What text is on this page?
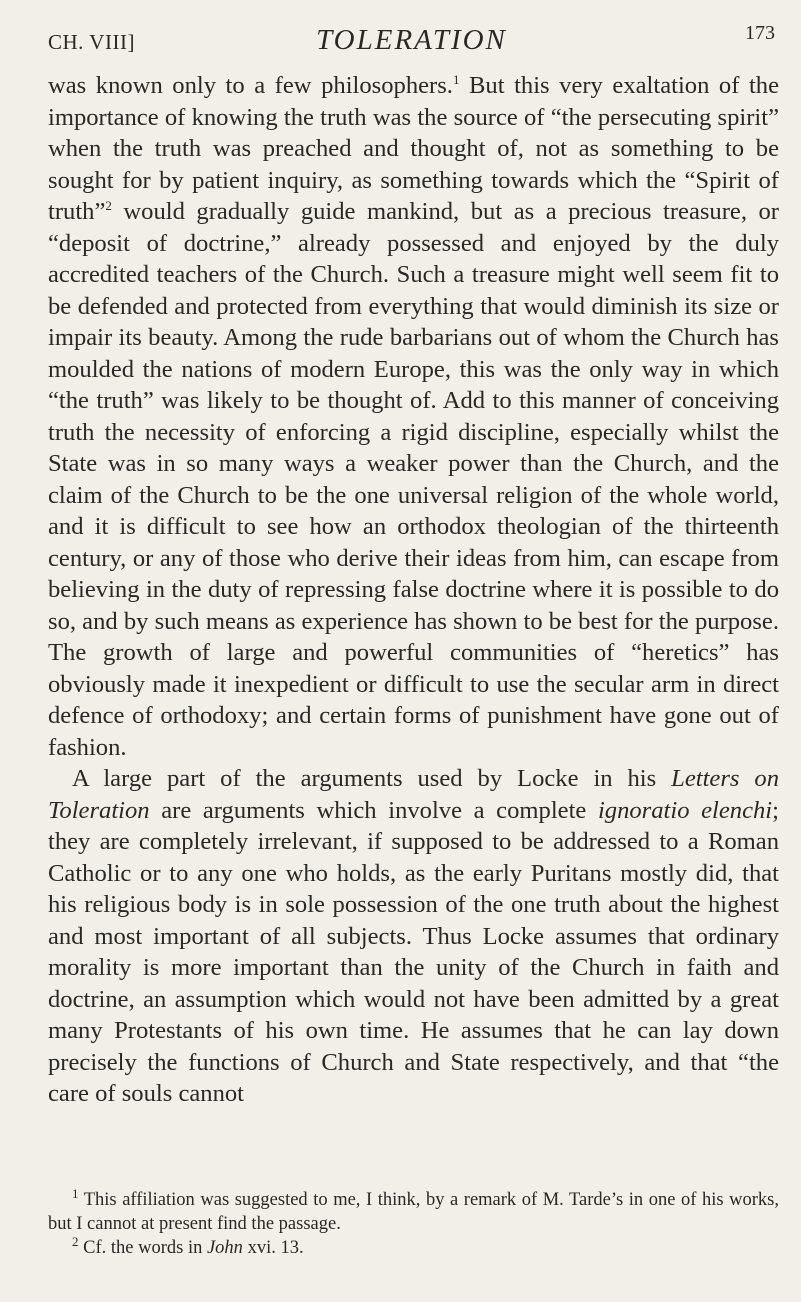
CH. VIII]	TOLERATION	173

was known only to a few philosophers.$^1$ But this very exaltation of the importance of knowing the truth was the source of “the persecuting spirit” when the truth was preached and thought of, not as something to be sought for by patient inquiry, as something towards which the “Spirit of truth”$^2$ would gradually guide mankind, but as a precious treasure, or “deposit of doctrine,” already possessed and enjoyed by the duly accredited teachers of the Church. Such a treasure might well seem fit to be defended and protected from everything that would diminish its size or impair its beauty. Among the rude barbarians out of whom the Church has moulded the nations of modern Europe, this was the only way in which “the truth” was likely to be thought of. Add to this manner of conceiving truth the necessity of enforcing a rigid discipline, especially whilst the State was in so many ways a weaker power than the Church, and the claim of the Church to be the one universal religion of the whole world, and it is difficult to see how an orthodox theologian of the thirteenth century, or any of those who derive their ideas from him, can escape from believing in the duty of repressing false doctrine where it is possible to do so, and by such means as experience has shown to be best for the purpose. The growth of large and powerful communities of “heretics” has obviously made it inexpedient or difficult to use the secular arm in direct defence of orthodoxy; and certain forms of punishment have gone out of fashion.

A large part of the arguments used by Locke in his Letters on Toleration are arguments which involve a complete ignoratio elenchi; they are completely irrelevant, if supposed to be addressed to a Roman Catholic or to any one who holds, as the early Puritans mostly did, that his religious body is in sole possession of the one truth about the highest and most important of all subjects. Thus Locke assumes that ordinary morality is more important than the unity of the Church in faith and doctrine, an assumption which would not have been admitted by a great many Protestants of his own time. He assumes that he can lay down precisely the functions of Church and State respectively, and that “the care of souls cannot

$^1$ This affiliation was suggested to me, I think, by a remark of M. Tarde’s in one of his works, but I cannot at present find the passage.

$^2$ Cf. the words in John xvi. 13.
